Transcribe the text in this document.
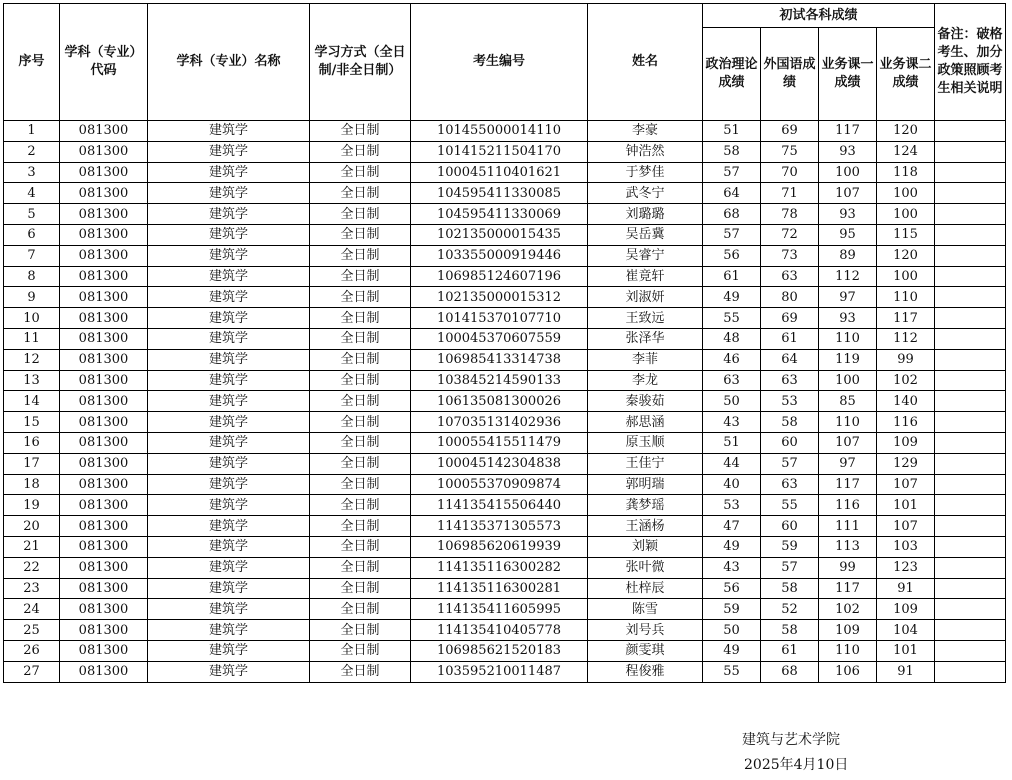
序号	学科（专业）代码	学科（专业）名称	学习方式（全日制/非全日制）	考生编号	姓名	初试各科成绩				备注：破格考生、加分政策照顾考生相关说明
						政治理论成绩	外国语成绩	业务课一成绩	业务课二成绩	
1	081300	建筑学	全日制	101455000014110	李豪	51	69	117	120	
2	081300	建筑学	全日制	101415211504170	钟浩然	58	75	93	124	
3	081300	建筑学	全日制	100045110401621	于梦佳	57	70	100	118	
4	081300	建筑学	全日制	104595411330085	武冬宁	64	71	107	100	
5	081300	建筑学	全日制	104595411330069	刘璐璐	68	78	93	100	
6	081300	建筑学	全日制	102135000015435	吴岳冀	57	72	95	115	
7	081300	建筑学	全日制	103355000919446	吴睿宁	56	73	89	120	
8	081300	建筑学	全日制	106985124607196	崔竟轩	61	63	112	100	
9	081300	建筑学	全日制	102135000015312	刘淑妍	49	80	97	110	
10	081300	建筑学	全日制	101415370107710	王致远	55	69	93	117	
11	081300	建筑学	全日制	100045370607559	张泽华	48	61	110	112	
12	081300	建筑学	全日制	106985413314738	李菲	46	64	119	99	
13	081300	建筑学	全日制	103845214590133	李龙	63	63	100	102	
14	081300	建筑学	全日制	106135081300026	秦骏茹	50	53	85	140	
15	081300	建筑学	全日制	107035131402936	郝思涵	43	58	110	116	
16	081300	建筑学	全日制	100055415511479	原玉顺	51	60	107	109	
17	081300	建筑学	全日制	100045142304838	王佳宁	44	57	97	129	
18	081300	建筑学	全日制	100055370909874	郭明瑞	40	63	117	107	
19	081300	建筑学	全日制	114135415506440	龚梦瑶	53	55	116	101	
20	081300	建筑学	全日制	114135371305573	王涵杨	47	60	111	107	
21	081300	建筑学	全日制	106985620619939	刘颖	49	59	113	103	
22	081300	建筑学	全日制	114135116300282	张叶微	43	57	99	123	
23	081300	建筑学	全日制	114135116300281	杜梓辰	56	58	117	91	
24	081300	建筑学	全日制	114135411605995	陈雪	59	52	102	109	
25	081300	建筑学	全日制	114135410405778	刘号兵	50	58	109	104	
26	081300	建筑学	全日制	106985621520183	颜雯琪	49	61	110	101	
27	081300	建筑学	全日制	103595210011487	程俊雅	55	68	106	91	
建筑与艺术学院
2025年4月10日
